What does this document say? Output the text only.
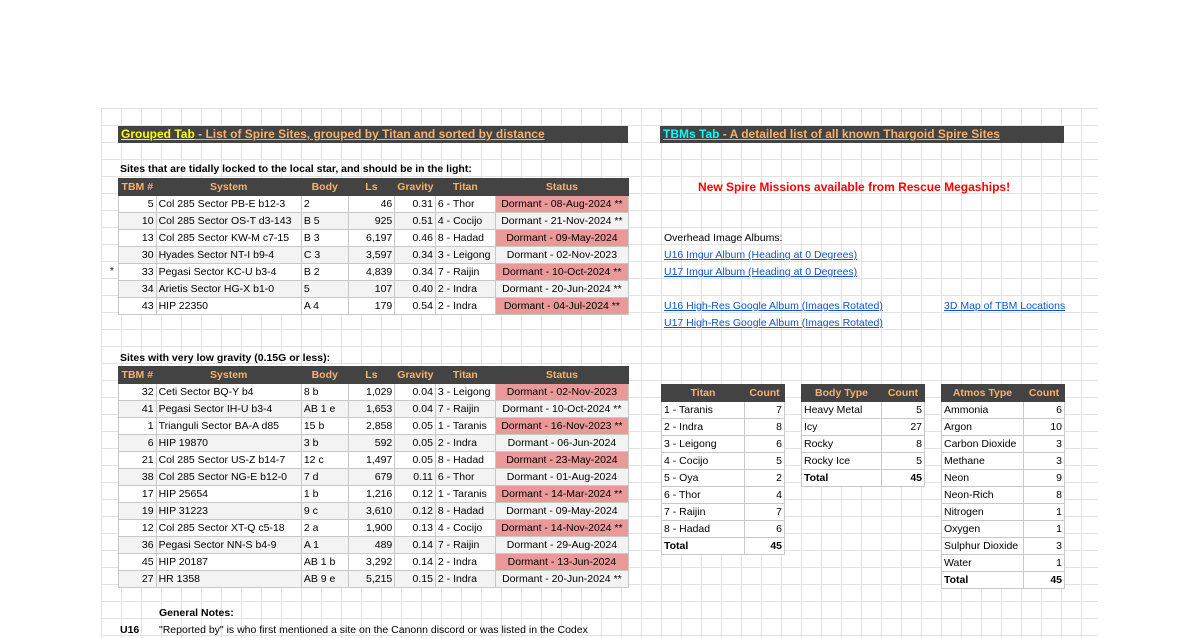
Grouped Tab - List of Spire Sites, grouped by Titan and sorted by distance	TBMs Tab - A detailed list of all known Thargoid Spire Sites
Sites that are tidally locked to the local star, and should be in the light:
TBM #	System	Body	Ls	Gravity	Titan	Status
5	Col 285 Sector PB-E b12-3	2	46	0.31	6 - Thor	Dormant - 08-Aug-2024 **
10	Col 285 Sector OS-T d3-143	B 5	925	0.51	4 - Cocijo	Dormant - 21-Nov-2024 **
13	Col 285 Sector KW-M c7-15	B 3	6,197	0.46	8 - Hadad	Dormant - 09-May-2024
30	Hyades Sector NT-I b9-4	C 3	3,597	0.34	3 - Leigong	Dormant - 02-Nov-2023
33	Pegasi Sector KC-U b3-4	B 2	4,839	0.34	7 - Raijin	Dormant - 10-Oct-2024 **
34	Arietis Sector HG-X b1-0	5	107	0.40	2 - Indra	Dormant - 20-Jun-2024 **
43	HIP 22350	A 4	179	0.54	2 - Indra	Dormant - 04-Jul-2024 **
Sites with very low gravity (0.15G or less):
TBM #	System	Body	Ls	Gravity	Titan	Status
32	Ceti Sector BQ-Y b4	8 b	1,029	0.04	3 - Leigong	Dormant - 02-Nov-2023
41	Pegasi Sector IH-U b3-4	AB 1 e	1,653	0.04	7 - Raijin	Dormant - 10-Oct-2024 **
1	Trianguli Sector BA-A d85	15 b	2,858	0.05	1 - Taranis	Dormant - 16-Nov-2023 **
6	HIP 19870	3 b	592	0.05	2 - Indra	Dormant - 06-Jun-2024
21	Col 285 Sector US-Z b14-7	12 c	1,497	0.05	8 - Hadad	Dormant - 23-May-2024
38	Col 285 Sector NG-E b12-0	7 d	679	0.11	6 - Thor	Dormant - 01-Aug-2024
17	HIP 25654	1 b	1,216	0.12	1 - Taranis	Dormant - 14-Mar-2024 **
19	HIP 31223	9 c	3,610	0.12	8 - Hadad	Dormant - 09-May-2024
12	Col 285 Sector XT-Q c5-18	2 a	1,900	0.13	4 - Cocijo	Dormant - 14-Nov-2024 **
36	Pegasi Sector NN-S b4-9	A 1	489	0.14	7 - Raijin	Dormant - 29-Aug-2024
45	HIP 20187	AB 1 b	3,292	0.14	2 - Indra	Dormant - 13-Jun-2024
27	HR 1358	AB 9 e	5,215	0.15	2 - Indra	Dormant - 20-Jun-2024 **
General Notes:
U16 "Reported by" is who first mentioned a site on the Canonn discord or was listed in the Codex
New Spire Missions available from Rescue Megaships!
Overhead Image Albums:
U16 Imgur Album (Heading at 0 Degrees)
U17 Imgur Album (Heading at 0 Degrees)
U16 High-Res Google Album (Images Rotated)	3D Map of TBM Locations
U17 High-Res Google Album (Images Rotated)
Titan	Count
1 - Taranis	7
2 - Indra	8
3 - Leigong	6
4 - Cocijo	5
5 - Oya	2
6 - Thor	4
7 - Raijin	7
8 - Hadad	6
Total	45
Body Type	Count
Heavy Metal	5
Icy	27
Rocky	8
Rocky Ice	5
Total	45
Atmos Type	Count
Ammonia	6
Argon	10
Carbon Dioxide	3
Methane	3
Neon	9
Neon-Rich	8
Nitrogen	1
Oxygen	1
Sulphur Dioxide	3
Water	1
Total	45
*
